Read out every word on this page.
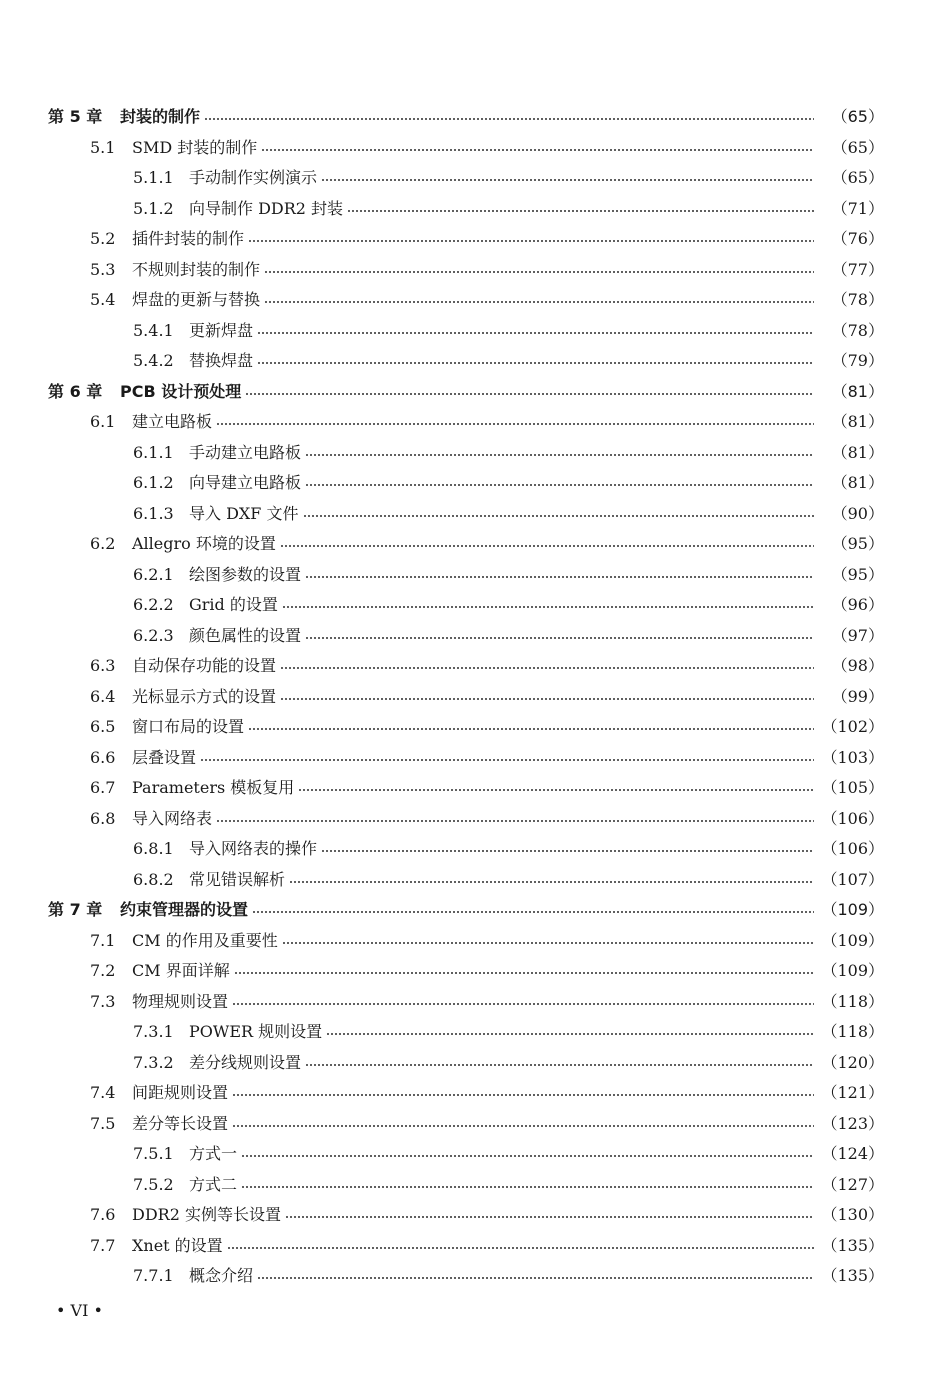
第 5 章	封装的制作	（65）
5.1	SMD 封装的制作	（65）
5.1.1 手动制作实例演示	（65）
5.1.2 向导制作 DDR2 封装	（71）
5.2	插件封装的制作	（76）
5.3	不规则封装的制作	（77）
5.4	焊盘的更新与替换	（78）
5.4.1 更新焊盘	（78）
5.4.2 替换焊盘	（79）
第 6 章	PCB 设计预处理	（81）
6.1	建立电路板	（81）
6.1.1 手动建立电路板	（81）
6.1.2 向导建立电路板	（81）
6.1.3 导入 DXF 文件	（90）
6.2	Allegro 环境的设置	（95）
6.2.1 绘图参数的设置	（95）
6.2.2 Grid 的设置	（96）
6.2.3 颜色属性的设置	（97）
6.3	自动保存功能的设置	（98）
6.4	光标显示方式的设置	（99）
6.5	窗口布局的设置	（102）
6.6	层叠设置	（103）
6.7	Parameters 模板复用	（105）
6.8	导入网络表	（106）
6.8.1 导入网络表的操作	（106）
6.8.2 常见错误解析	（107）
第 7 章	约束管理器的设置	（109）
7.1	CM 的作用及重要性	（109）
7.2	CM 界面详解	（109）
7.3	物理规则设置	（118）
7.3.1 POWER 规则设置	（118）
7.3.2 差分线规则设置	（120）
7.4	间距规则设置	（121）
7.5	差分等长设置	（123）
7.5.1 方式一	（124）
7.5.2 方式二	（127）
7.6	DDR2 实例等长设置	（130）
7.7	Xnet 的设置	（135）
7.7.1 概念介绍	（135）
• VI •
